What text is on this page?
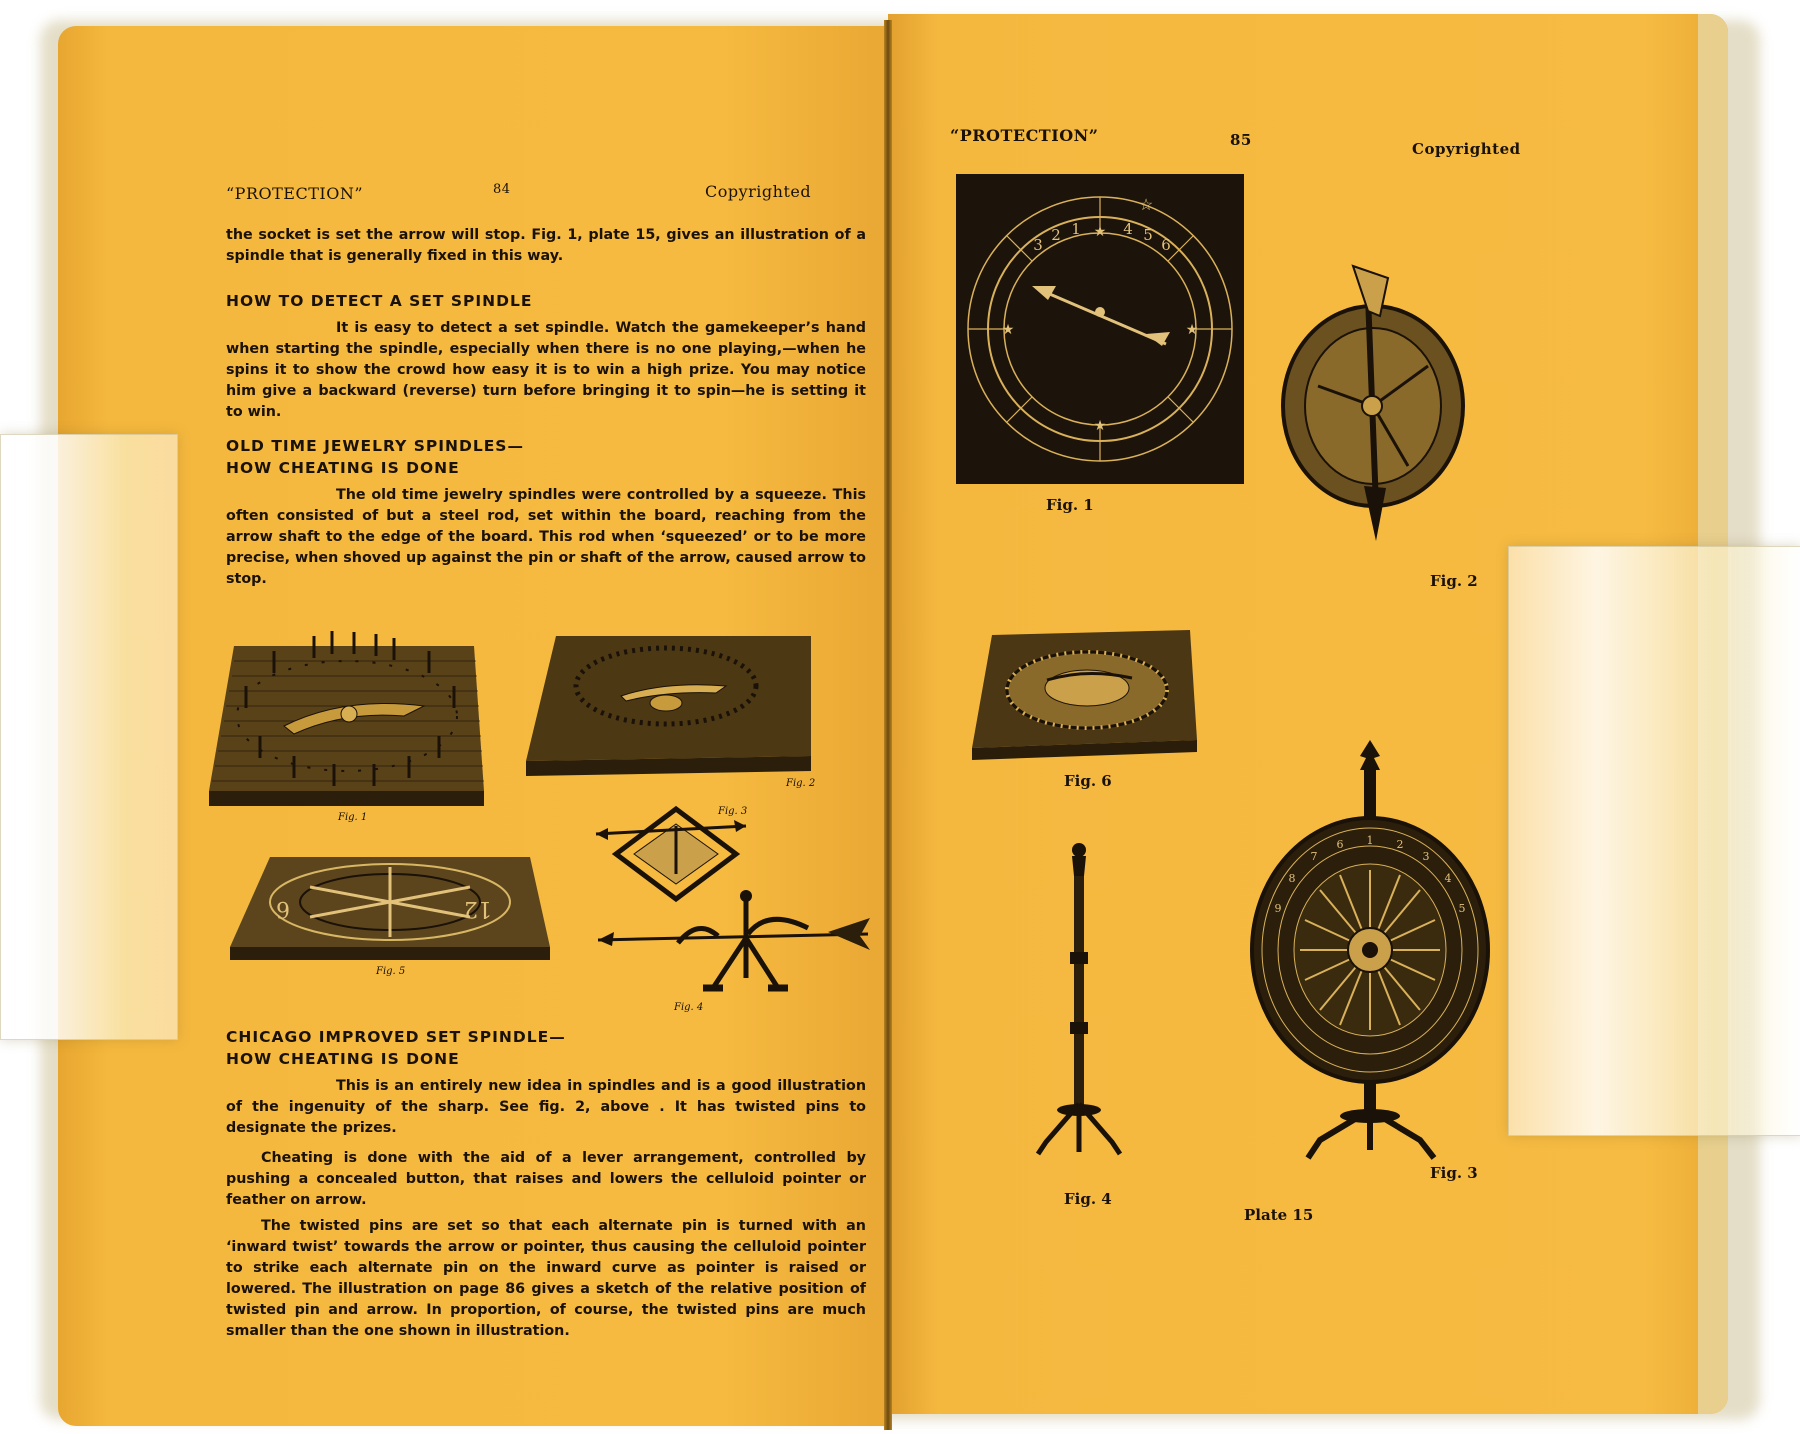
“PROTECTION”	84	Copyrighted
the socket is set the arrow will stop. Fig. 1, plate 15, gives an illustration of a spindle that is generally fixed in this way.
HOW TO DETECT A SET SPINDLE
It is easy to detect a set spindle. Watch the gamekeeper’s hand when starting the spindle, especially when there is no one playing,—when he spins it to show the crowd how easy it is to win a high prize. You may notice him give a backward (reverse) turn before bringing it to spin—he is setting it to win.
OLD TIME JEWELRY SPINDLES—
HOW CHEATING IS DONE
The old time jewelry spindles were controlled by a squeeze. This often consisted of but a steel rod, set within the board, reaching from the arrow shaft to the edge of the board. This rod when ‘squeezed’ or to be more precise, when shoved up against the pin or shaft of the arrow, caused arrow to stop.
Fig. 1
Fig. 2
Fig. 3
6	12
Fig. 5
Fig. 4
CHICAGO IMPROVED SET SPINDLE—
HOW CHEATING IS DONE
This is an entirely new idea in spindles and is a good illustration of the ingenuity of the sharp. See fig. 2, above . It has twisted pins to designate the prizes.
Cheating is done with the aid of a lever arrangement, controlled by pushing a concealed button, that raises and lowers the celluloid pointer or feather on arrow.
The twisted pins are set so that each alternate pin is turned with an ‘inward twist’ towards the arrow or pointer, thus causing the celluloid pointer to strike each alternate pin on the inward curve as pointer is raised or lowered. The illustration on page 86 gives a sketch of the relative position of twisted pin and arrow. In proportion, of course, the twisted pins are much smaller than the one shown in illustration.
“PROTECTION”	85	Copyrighted
1
2
3
4 5
6
★
★
★	★
☆
Fig. 1
Fig. 2
Fig. 6
Fig. 4
1 2
3
4
5
6
7
8
9
Fig. 3
Plate 15
